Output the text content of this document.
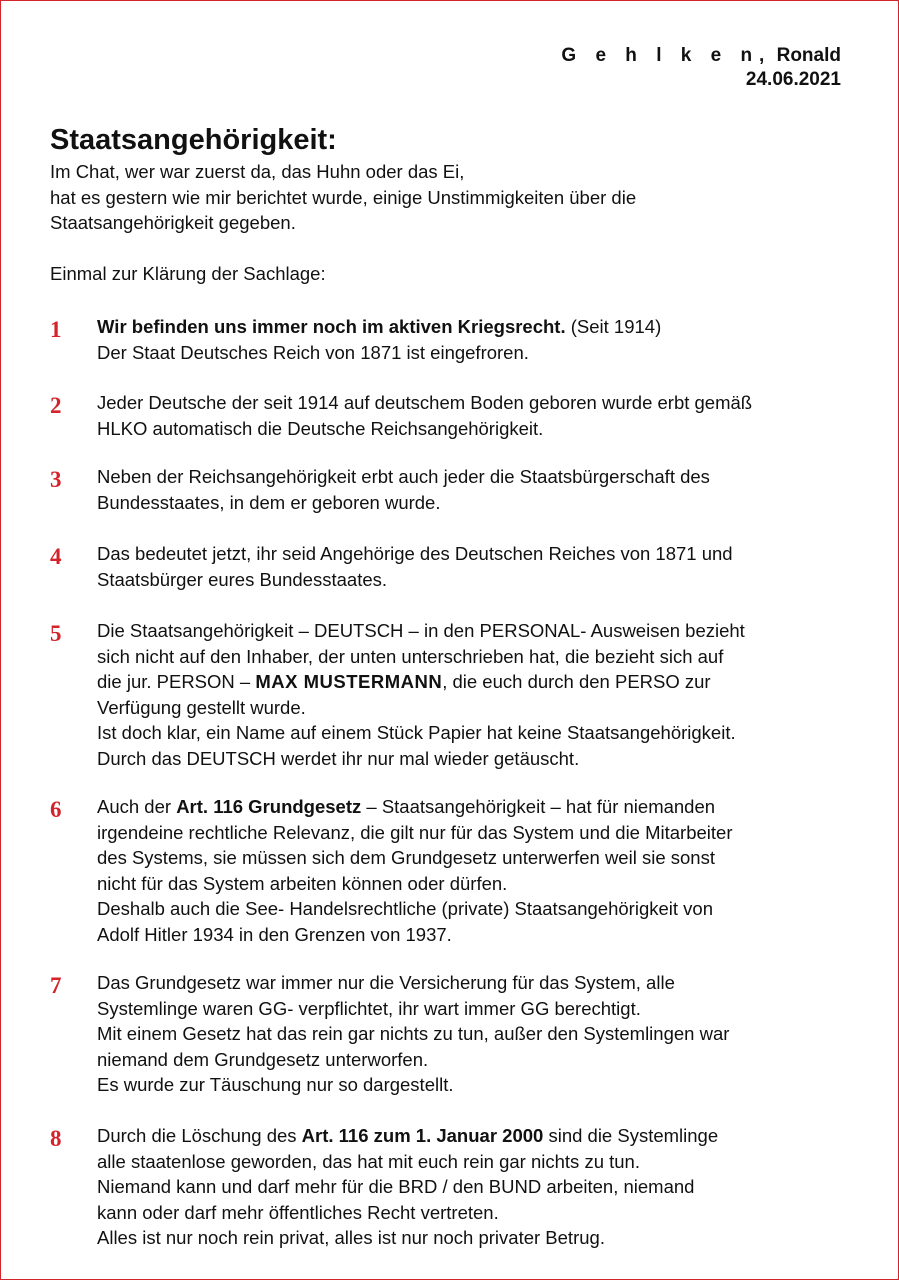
G e h l k e n, Ronald
24.06.2021
Staatsangehörigkeit:

Im Chat, wer war zuerst da, das Huhn oder das Ei,

hat es gestern wie mir berichtet wurde, einige Unstimmigkeiten über die

Staatsangehörigkeit gegeben.

Einmal zur Klärung der Sachlage:

1 Wir befinden uns immer noch im aktiven Kriegsrecht. (Seit 1914)

Der Staat Deutsches Reich von 1871 ist eingefroren.

2 Jeder Deutsche der seit 1914 auf deutschem Boden geboren wurde erbt gemäß

HLKO automatisch die Deutsche Reichsangehörigkeit.

3 Neben der Reichsangehörigkeit erbt auch jeder die Staatsbürgerschaft des

Bundesstaates, in dem er geboren wurde.

4 Das bedeutet jetzt, ihr seid Angehörige des Deutschen Reiches von 1871 und

Staatsbürger eures Bundesstaates.

5 Die Staatsangehörigkeit – DEUTSCH – in den PERSONAL- Ausweisen bezieht

sich nicht auf den Inhaber, der unten unterschrieben hat, die bezieht sich auf

die jur. PERSON – MAX MUSTERMANN, die euch durch den PERSO zur

Verfügung gestellt wurde.

Ist doch klar, ein Name auf einem Stück Papier hat keine Staatsangehörigkeit.

Durch das DEUTSCH werdet ihr nur mal wieder getäuscht.

6 Auch der Art. 116 Grundgesetz – Staatsangehörigkeit – hat für niemanden

irgendeine rechtliche Relevanz, die gilt nur für das System und die Mitarbeiter

des Systems, sie müssen sich dem Grundgesetz unterwerfen weil sie sonst

nicht für das System arbeiten können oder dürfen.

Deshalb auch die See- Handelsrechtliche (private) Staatsangehörigkeit von

Adolf Hitler 1934 in den Grenzen von 1937.

7 Das Grundgesetz war immer nur die Versicherung für das System, alle

Systemlinge waren GG- verpflichtet, ihr wart immer GG berechtigt.

Mit einem Gesetz hat das rein gar nichts zu tun, außer den Systemlingen war

niemand dem Grundgesetz unterworfen.

Es wurde zur Täuschung nur so dargestellt.

8 Durch die Löschung des Art. 116 zum 1. Januar 2000 sind die Systemlinge

alle staatenlose geworden, das hat mit euch rein gar nichts zu tun.

Niemand kann und darf mehr für die BRD / den BUND arbeiten, niemand

kann oder darf mehr öffentliches Recht vertreten.

Alles ist nur noch rein privat, alles ist nur noch privater Betrug.
